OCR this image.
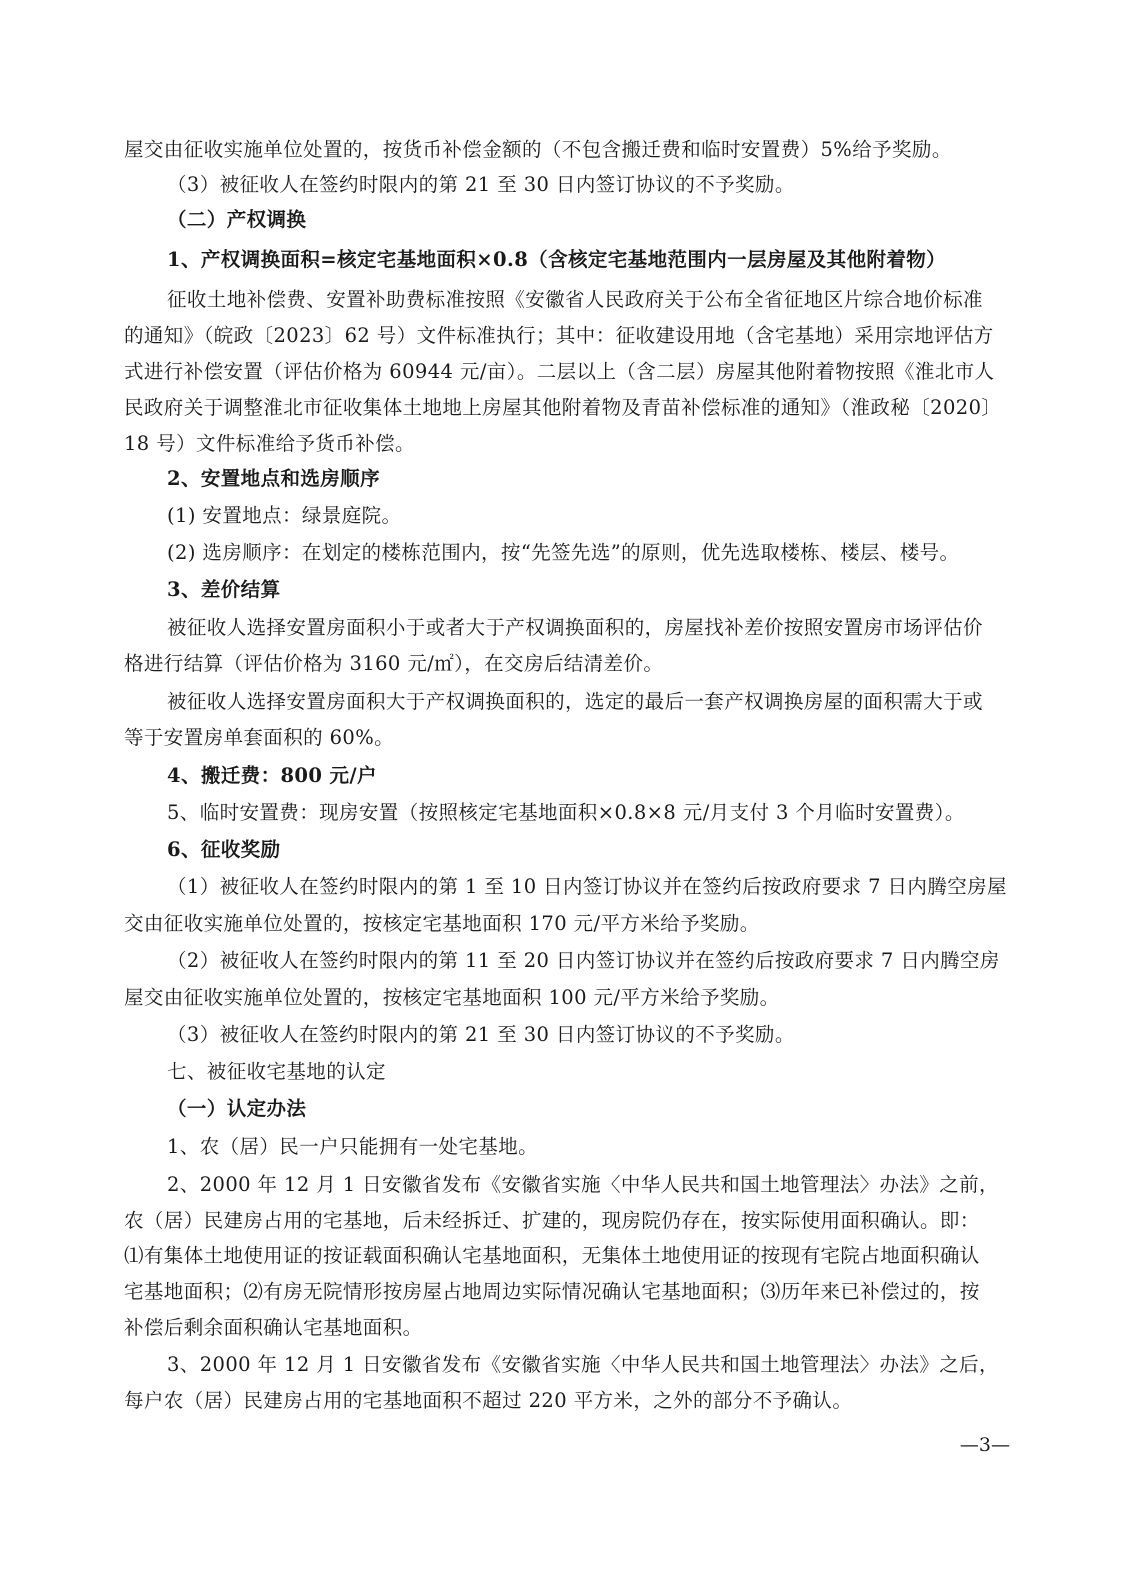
屋交由征收实施单位处置的，按货币补偿金额的（不包含搬迁费和临时安置费）5%给予奖励。
（3）被征收人在签约时限内的第 21 至 30 日内签订协议的不予奖励。
（二）产权调换
1、产权调换面积=核定宅基地面积×0.8（含核定宅基地范围内一层房屋及其他附着物）
征收土地补偿费、安置补助费标准按照《安徽省人民政府关于公布全省征地区片综合地价标准
的通知》（皖政〔2023〕62 号）文件标准执行；其中：征收建设用地（含宅基地）采用宗地评估方
式进行补偿安置（评估价格为 60944 元/亩）。二层以上（含二层）房屋其他附着物按照《淮北市人
民政府关于调整淮北市征收集体土地地上房屋其他附着物及青苗补偿标准的通知》（淮政秘〔2020〕
18 号）文件标准给予货币补偿。
2、安置地点和选房顺序
(1) 安置地点：绿景庭院。
(2) 选房顺序：在划定的楼栋范围内，按“先签先选”的原则，优先选取楼栋、楼层、楼号。
3、差价结算
被征收人选择安置房面积小于或者大于产权调换面积的，房屋找补差价按照安置房市场评估价
格进行结算（评估价格为 3160 元/㎡），在交房后结清差价。
被征收人选择安置房面积大于产权调换面积的，选定的最后一套产权调换房屋的面积需大于或
等于安置房单套面积的 60%。
4、搬迁费：800 元/户
5、临时安置费：现房安置（按照核定宅基地面积×0.8×8 元/月支付 3 个月临时安置费）。
6、征收奖励
（1）被征收人在签约时限内的第 1 至 10 日内签订协议并在签约后按政府要求 7 日内腾空房屋
交由征收实施单位处置的，按核定宅基地面积 170 元/平方米给予奖励。
（2）被征收人在签约时限内的第 11 至 20 日内签订协议并在签约后按政府要求 7 日内腾空房
屋交由征收实施单位处置的，按核定宅基地面积 100 元/平方米给予奖励。
（3）被征收人在签约时限内的第 21 至 30 日内签订协议的不予奖励。
七、被征收宅基地的认定
（一）认定办法
1、农（居）民一户只能拥有一处宅基地。
2、2000 年 12 月 1 日安徽省发布《安徽省实施〈中华人民共和国土地管理法〉办法》之前，
农（居）民建房占用的宅基地，后未经拆迁、扩建的，现房院仍存在，按实际使用面积确认。即：
⑴有集体土地使用证的按证载面积确认宅基地面积，无集体土地使用证的按现有宅院占地面积确认
宅基地面积；⑵有房无院情形按房屋占地周边实际情况确认宅基地面积；⑶历年来已补偿过的，按
补偿后剩余面积确认宅基地面积。
3、2000 年 12 月 1 日安徽省发布《安徽省实施〈中华人民共和国土地管理法〉办法》之后，
每户农（居）民建房占用的宅基地面积不超过 220 平方米，之外的部分不予确认。
—3—
